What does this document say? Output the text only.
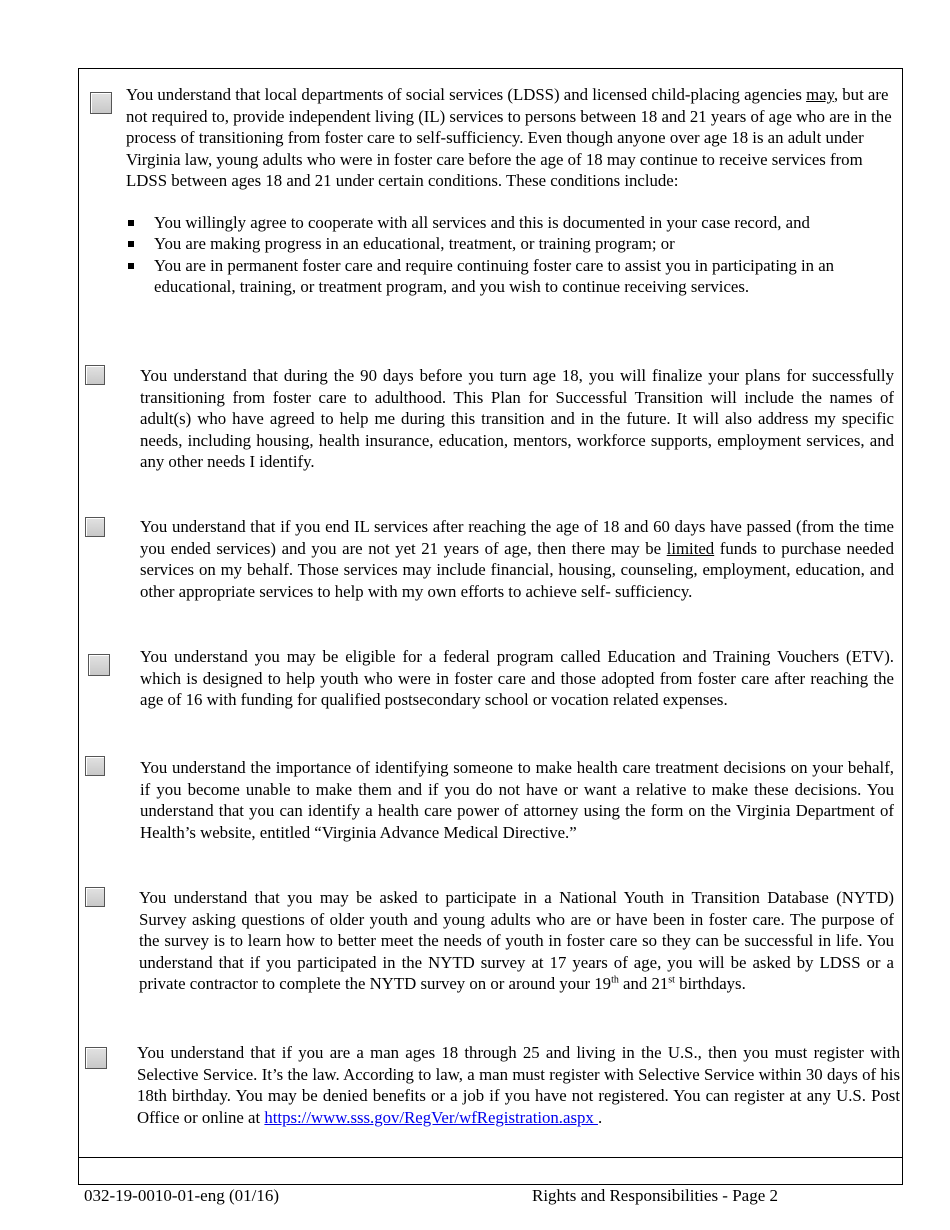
You understand that local departments of social services (LDSS) and licensed child-placing agencies may, but are not required to, provide independent living (IL) services to persons between 18 and 21 years of age who are in the process of transitioning from foster care to self-sufficiency. Even though anyone over age 18 is an adult under Virginia law, young adults who were in foster care before the age of 18 may continue to receive services from LDSS between ages 18 and 21 under certain conditions. These conditions include:

You willingly agree to cooperate with all services and this is documented in your case record, and
You are making progress in an educational, treatment, or training program; or
You are in permanent foster care and require continuing foster care to assist you in participating in an educational, training, or treatment program, and you wish to continue receiving services.

You understand that during the 90 days before you turn age 18, you will finalize your plans for successfully transitioning from foster care to adulthood. This Plan for Successful Transition will include the names of adult(s) who have agreed to help me during this transition and in the future. It will also address my specific needs, including housing, health insurance, education, mentors, workforce supports, employment services, and any other needs I identify.

You understand that if you end IL services after reaching the age of 18 and 60 days have passed (from the time you ended services) and you are not yet 21 years of age, then there may be limited funds to purchase needed services on my behalf. Those services may include financial, housing, counseling, employment, education, and other appropriate services to help with my own efforts to achieve self- sufficiency.

You understand you may be eligible for a federal program called Education and Training Vouchers (ETV). which is designed to help youth who were in foster care and those adopted from foster care after reaching the age of 16 with funding for qualified postsecondary school or vocation related expenses.

You understand the importance of identifying someone to make health care treatment decisions on your behalf, if you become unable to make them and if you do not have or want a relative to make these decisions. You understand that you can identify a health care power of attorney using the form on the Virginia Department of Health’s website, entitled “Virginia Advance Medical Directive.”

You understand that you may be asked to participate in a National Youth in Transition Database (NYTD) Survey asking questions of older youth and young adults who are or have been in foster care. The purpose of the survey is to learn how to better meet the needs of youth in foster care so they can be successful in life. You understand that if you participated in the NYTD survey at 17 years of age, you will be asked by LDSS or a private contractor to complete the NYTD survey on or around your 19th and 21st birthdays.

You understand that if you are a man ages 18 through 25 and living in the U.S., then you must register with Selective Service. It’s the law. According to law, a man must register with Selective Service within 30 days of his 18th birthday. You may be denied benefits or a job if you have not registered. You can register at any U.S. Post Office or online at https://www.sss.gov/RegVer/wfRegistration.aspx .

032-19-0010-01-eng (01/16)	Rights and Responsibilities - Page 2
